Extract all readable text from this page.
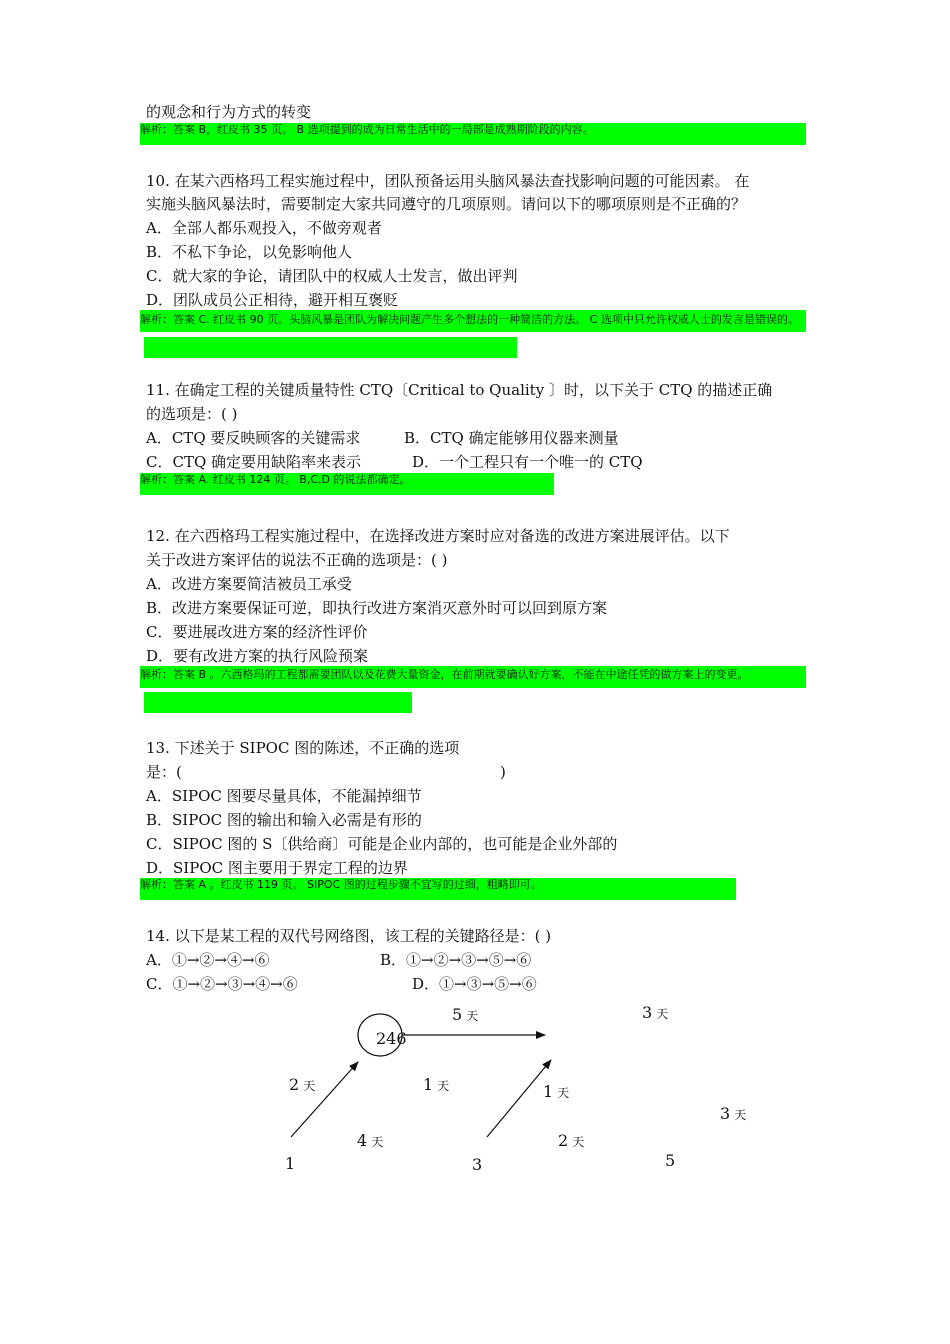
的观念和行为方式的转变
解析：答案 B，红皮书 35 页。 B 选项提到的成为日常生活中的一局部是成熟期阶段的内容。
10. 在某六西格玛工程实施过程中，团队预备运用头脑风暴法查找影响问题的可能因素。 在
实施头脑风暴法时，需要制定大家共同遵守的几项原则。请问以下的哪项原则是不正确的？
A．全部人都乐观投入，不做旁观者
B．不私下争论，以免影响他人
C．就大家的争论，请团队中的权威人士发言，做出评判
D．团队成员公正相待，避开相互褒贬
解析：答案 C. 红皮书 90 页。头脑风暴是团队为解决问题产生多个想法的一种简洁的方法。 C 选项中只允许权威人士的发言是错误的。
11. 在确定工程的关键质量特性 CTQ〔Critical to Quality 〕时，以下关于 CTQ 的描述正确
的选项是：( )
A．CTQ 要反映顾客的关键需求	B．CTQ 确定能够用仪器来测量
C．CTQ 确定要用缺陷率来表示	D．一个工程只有一个唯一的 CTQ
解析：答案 A. 红皮书 124 页。 B,C,D 的说法都确定。
12. 在六西格玛工程实施过程中，在选择改进方案时应对备选的改进方案进展评估。以下
关于改进方案评估的说法不正确的选项是：( )
A．改进方案要简洁被员工承受
B．改进方案要保证可逆，即执行改进方案消灭意外时可以回到原方案
C．要进展改进方案的经济性评价
D．要有改进方案的执行风险预案
解析：答案 B 。六西格玛的工程都需要团队以及花费大量资金，在前期就要确认好方案，不能在中途任凭的做方案上的变更。
13. 下述关于 SIPOC 图的陈述，不正确的选项
是：(	)
A．SIPOC 图要尽量具体，不能漏掉细节
B．SIPOC 图的输出和输入必需是有形的
C．SIPOC 图的 S〔供给商〕可能是企业内部的，也可能是企业外部的
D．SIPOC 图主要用于界定工程的边界
解析：答案 A 。红皮书 119 页。 SIPOC 图的过程步骤不宜写的过细，粗略即可。
14. 以下是某工程的双代号网络图，该工程的关键路径是：( )
A．①→②→④→⑥	B．①→②→③→⑤→⑥
C．①→②→③→④→⑥	D．①→③→⑤→⑥
246
5 天	3 天
2 天	1 天	1 天
3 天
4 天	2 天
1	3	5
